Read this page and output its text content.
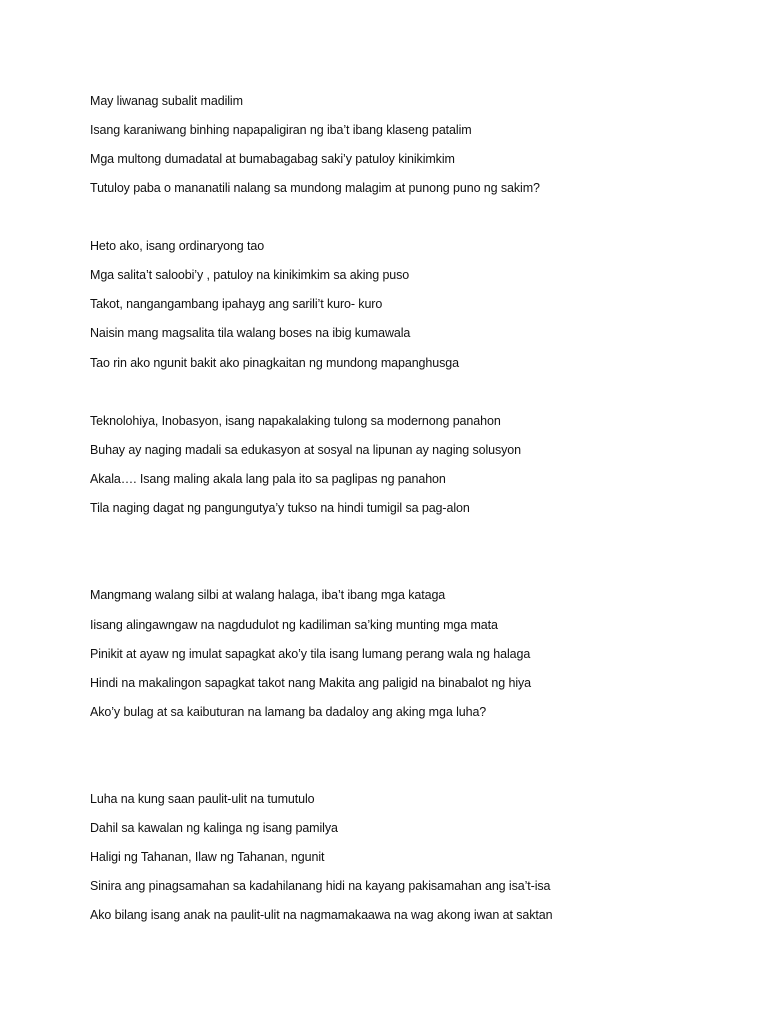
May liwanag subalit madilim
Isang karaniwang binhing napapaligiran ng iba’t ibang klaseng patalim
Mga multong dumadatal at bumabagabag saki’y patuloy kinikimkim
Tutuloy paba o mananatili nalang sa mundong malagim at punong puno ng sakim?
Heto ako, isang ordinaryong tao
Mga salita’t saloobi’y , patuloy na kinikimkim sa aking puso
Takot, nangangambang ipahayg ang sarili’t kuro- kuro
Naisin mang magsalita tila walang boses na ibig kumawala
Tao rin ako ngunit bakit ako pinagkaitan ng mundong mapanghusga
Teknolohiya, Inobasyon, isang napakalaking tulong sa modernong panahon
Buhay ay naging madali sa edukasyon at sosyal na lipunan ay naging solusyon
Akala…. Isang maling akala lang pala ito sa paglipas ng panahon
Tila naging dagat ng pangungutya’y tukso na hindi tumigil sa pag-alon
Mangmang walang silbi at walang halaga, iba’t ibang mga kataga
Iisang alingawngaw na nagdudulot ng kadiliman sa’king munting mga mata
Pinikit at ayaw ng imulat sapagkat ako’y tila isang lumang perang wala ng halaga
Hindi na makalingon sapagkat takot nang Makita ang paligid na binabalot ng hiya
Ako’y bulag at sa kaibuturan na lamang ba dadaloy ang aking mga luha?
Luha na kung saan paulit-ulit na tumutulo
Dahil sa kawalan ng kalinga ng isang pamilya
Haligi ng Tahanan, Ilaw ng Tahanan, ngunit
Sinira ang pinagsamahan sa kadahilanang hidi na kayang pakisamahan ang isa’t-isa
Ako bilang isang anak na paulit-ulit na nagmamakaawa na wag akong iwan at saktan
